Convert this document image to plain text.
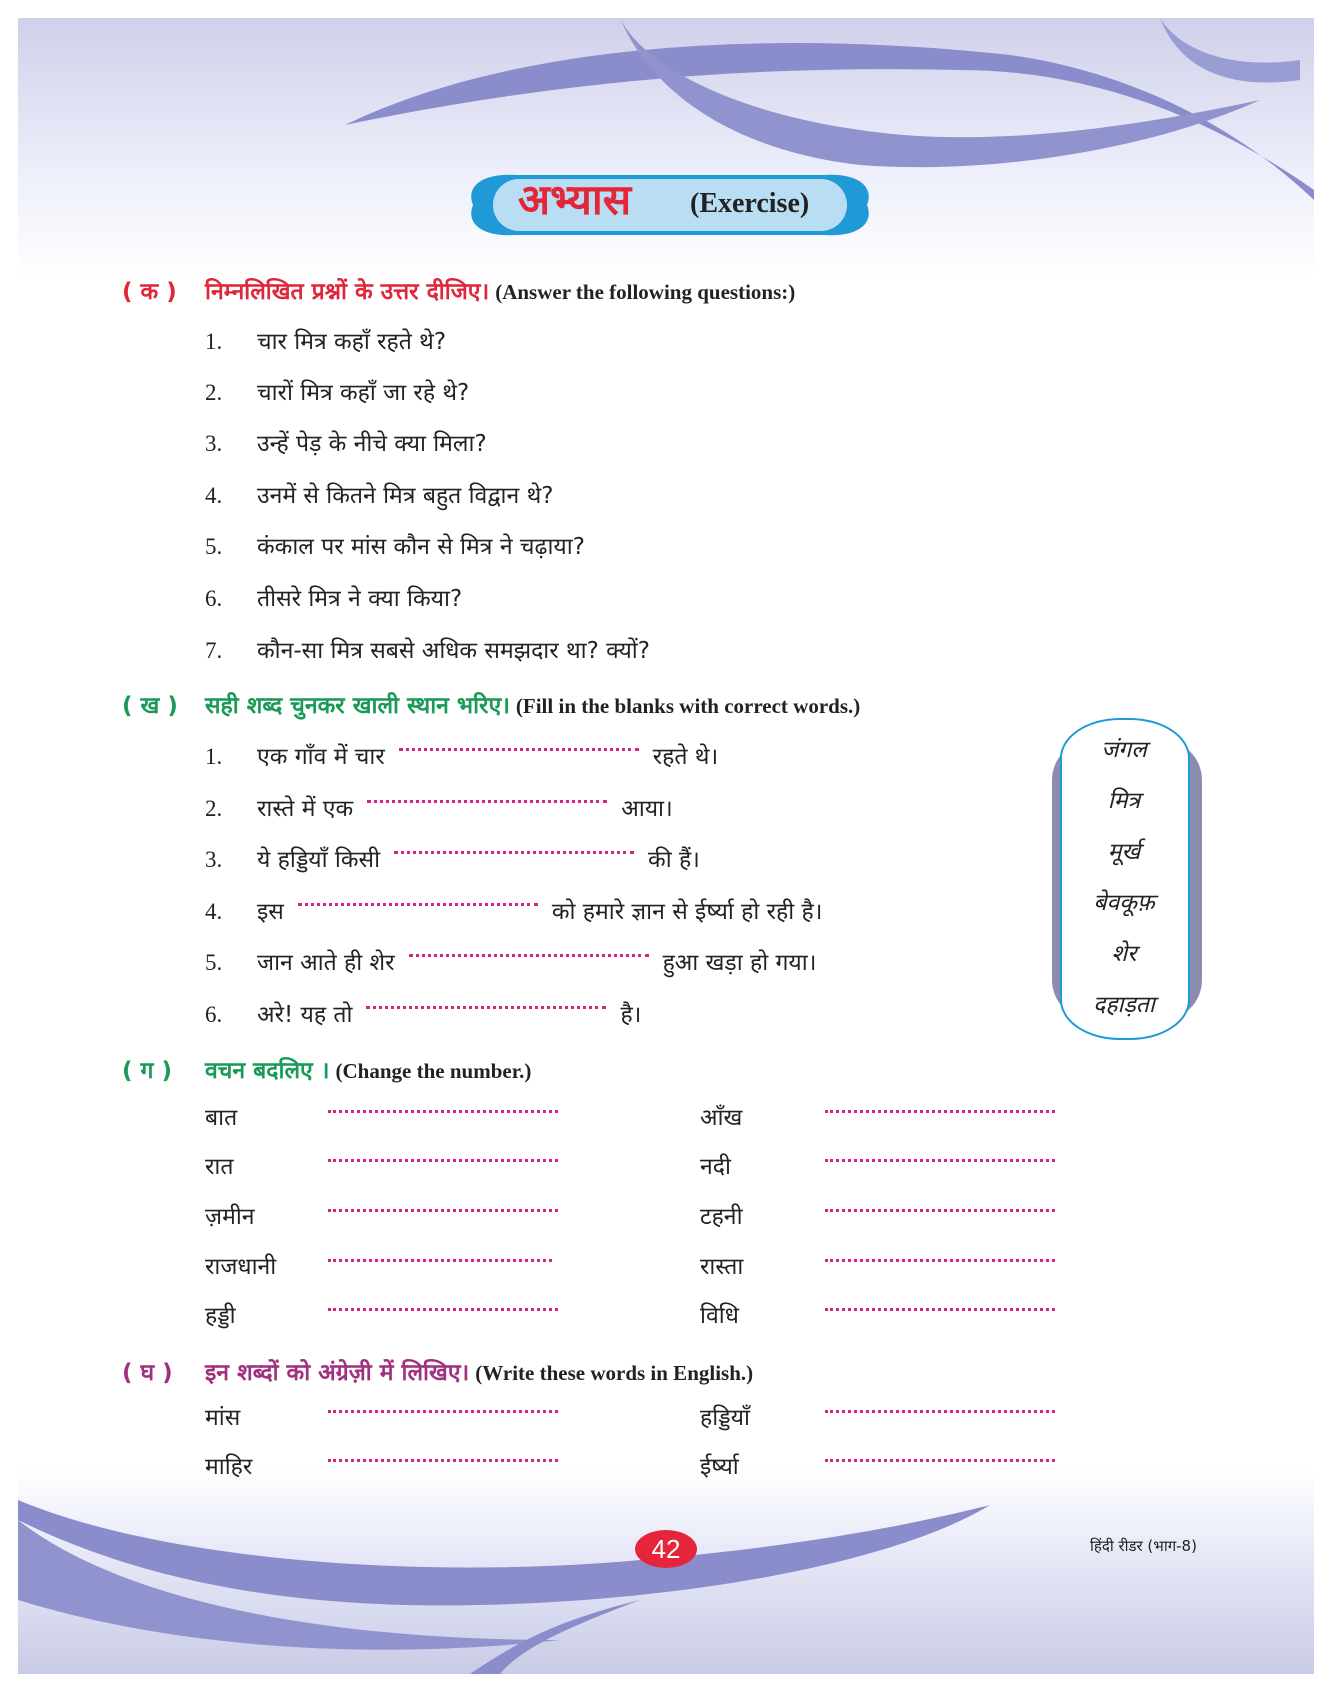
अभ्यास (Exercise)
( क ) निम्नलिखित प्रश्नों के उत्तर दीजिए। (Answer the following questions:)
1. चार मित्र कहाँ रहते थे?
2. चारों मित्र कहाँ जा रहे थे?
3. उन्हें पेड़ के नीचे क्या मिला?
4. उनमें से कितने मित्र बहुत विद्वान थे?
5. कंकाल पर मांस कौन से मित्र ने चढ़ाया?
6. तीसरे मित्र ने क्या किया?
7. कौन-सा मित्र सबसे अधिक समझदार था? क्यों?
( ख ) सही शब्द चुनकर खाली स्थान भरिए। (Fill in the blanks with correct words.)
1. एक गाँव में चार	रहते थे।
2. रास्ते में एक	आया।
3. ये हड्डियाँ किसी	की हैं।
4. इस	को हमारे ज्ञान से ईर्ष्या हो रही है।
5. जान आते ही शेर	हुआ खड़ा हो गया।
6. अरे! यह तो	है।
जंगल
मित्र
मूर्ख
बेवकूफ़
शेर
दहाड़ता
( ग ) वचन बदलिए । (Change the number.)
बात	आँख
रात	नदी
ज़मीन	टहनी
राजधानी	रास्ता
हड्डी	विधि
( घ ) इन शब्दों को अंग्रेज़ी में लिखिए। (Write these words in English.)
मांस	हड्डियाँ
माहिर	ईर्ष्या
42	हिंदी रीडर (भाग-8)
